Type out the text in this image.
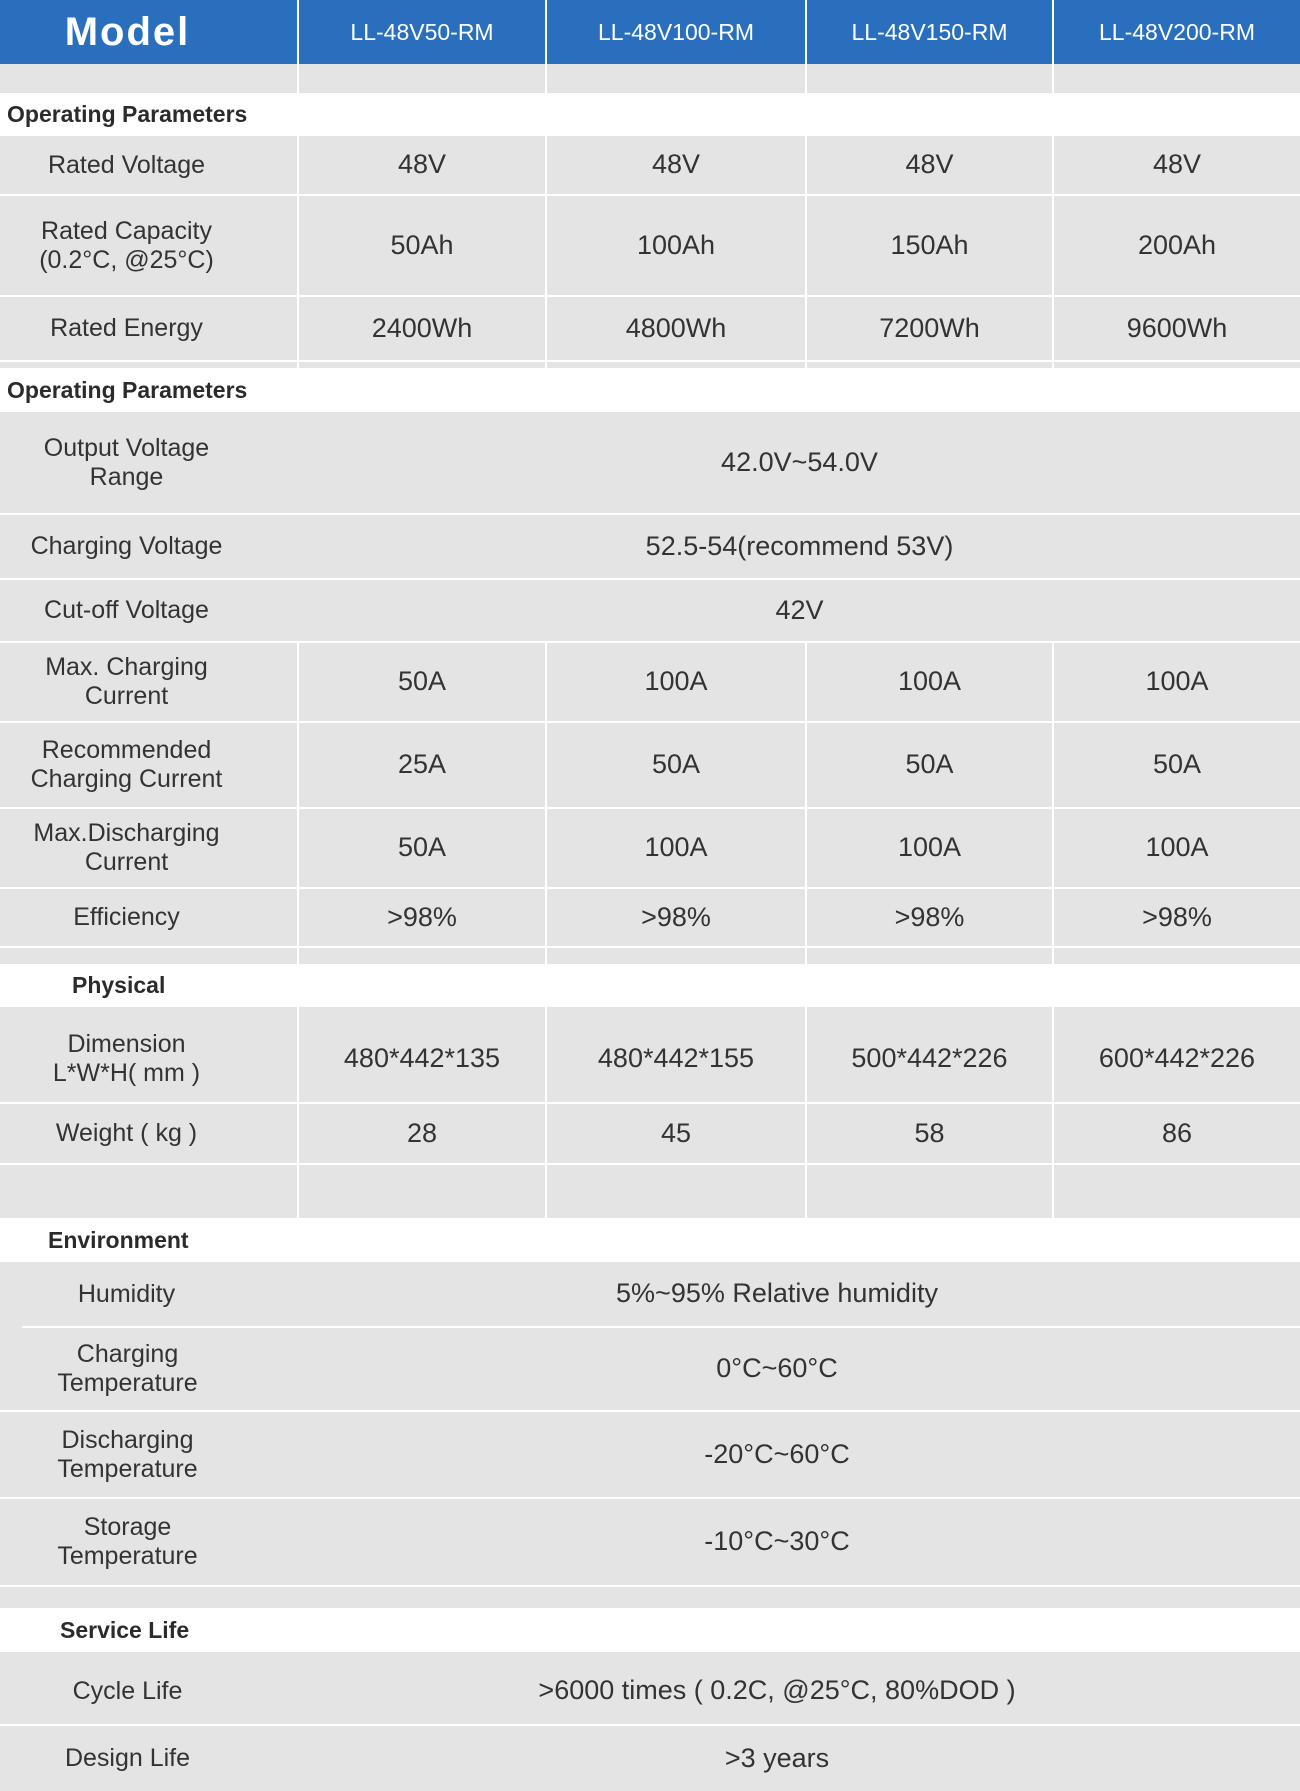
Model	LL-48V50-RM	LL-48V100-RM	LL-48V150-RM	LL-48V200-RM
Operating Parameters
Rated Voltage	48V	48V	48V	48V
Rated Capacity
(0.2°C, @25°C)	50Ah	100Ah	150Ah	200Ah
Rated Energy	2400Wh	4800Wh	7200Wh	9600Wh
Operating Parameters
Output Voltage
Range	42.0V~54.0V
Charging Voltage	52.5-54(recommend 53V)
Cut-off Voltage	42V
Max. Charging
Current	50A	100A	100A	100A
Recommended
Charging Current	25A	50A	50A	50A
Max.Discharging
Current	50A	100A	100A	100A
Efficiency	>98%	>98%	>98%	>98%
Physical
Dimension
L*W*H( mm )	480*442*135	480*442*155	500*442*226	600*442*226
Weight ( kg )	28	45	58	86
Environment
Humidity	5%~95% Relative humidity
Charging
Temperature	0°C~60°C
Discharging
Temperature	-20°C~60°C
Storage
Temperature	-10°C~30°C
Service Life
Cycle Life	>6000 times ( 0.2C, @25°C, 80%DOD )
Design Life	>3 years
